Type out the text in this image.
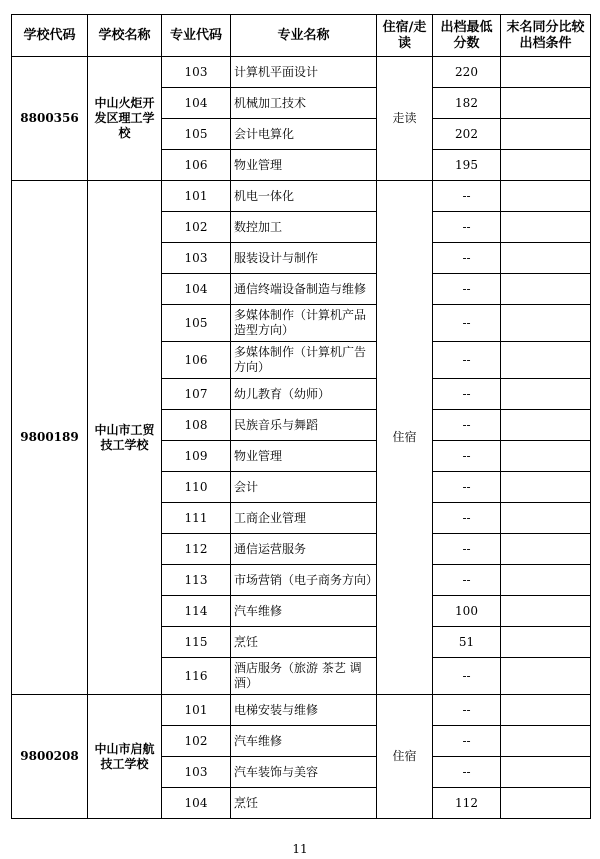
学校代码	学校名称	专业代码	专业名称	住宿/走读	出档最低分数	末名同分比较出档条件
8800356	中山火炬开发区理工学校	103	计算机平面设计	走读	220	
		104	机械加工技术		182	
		105	会计电算化		202	
		106	物业管理		195	
9800189	中山市工贸技工学校	101	机电一体化	住宿	--	
		102	数控加工		--	
		103	服装设计与制作		--	
		104	通信终端设备制造与维修		--	
		105	多媒体制作（计算机产品造型方向）		--	
		106	多媒体制作（计算机广告方向）		--	
		107	幼儿教育（幼师）		--	
		108	民族音乐与舞蹈		--	
		109	物业管理		--	
		110	会计		--	
		111	工商企业管理		--	
		112	通信运营服务		--	
		113	市场营销（电子商务方向）		--	
		114	汽车维修		100	
		115	烹饪		51	
		116	酒店服务（旅游 茶艺 调酒）		--	
9800208	中山市启航技工学校	101	电梯安装与维修	住宿	--	
		102	汽车维修		--	
		103	汽车装饰与美容		--	
		104	烹饪		112	
11
